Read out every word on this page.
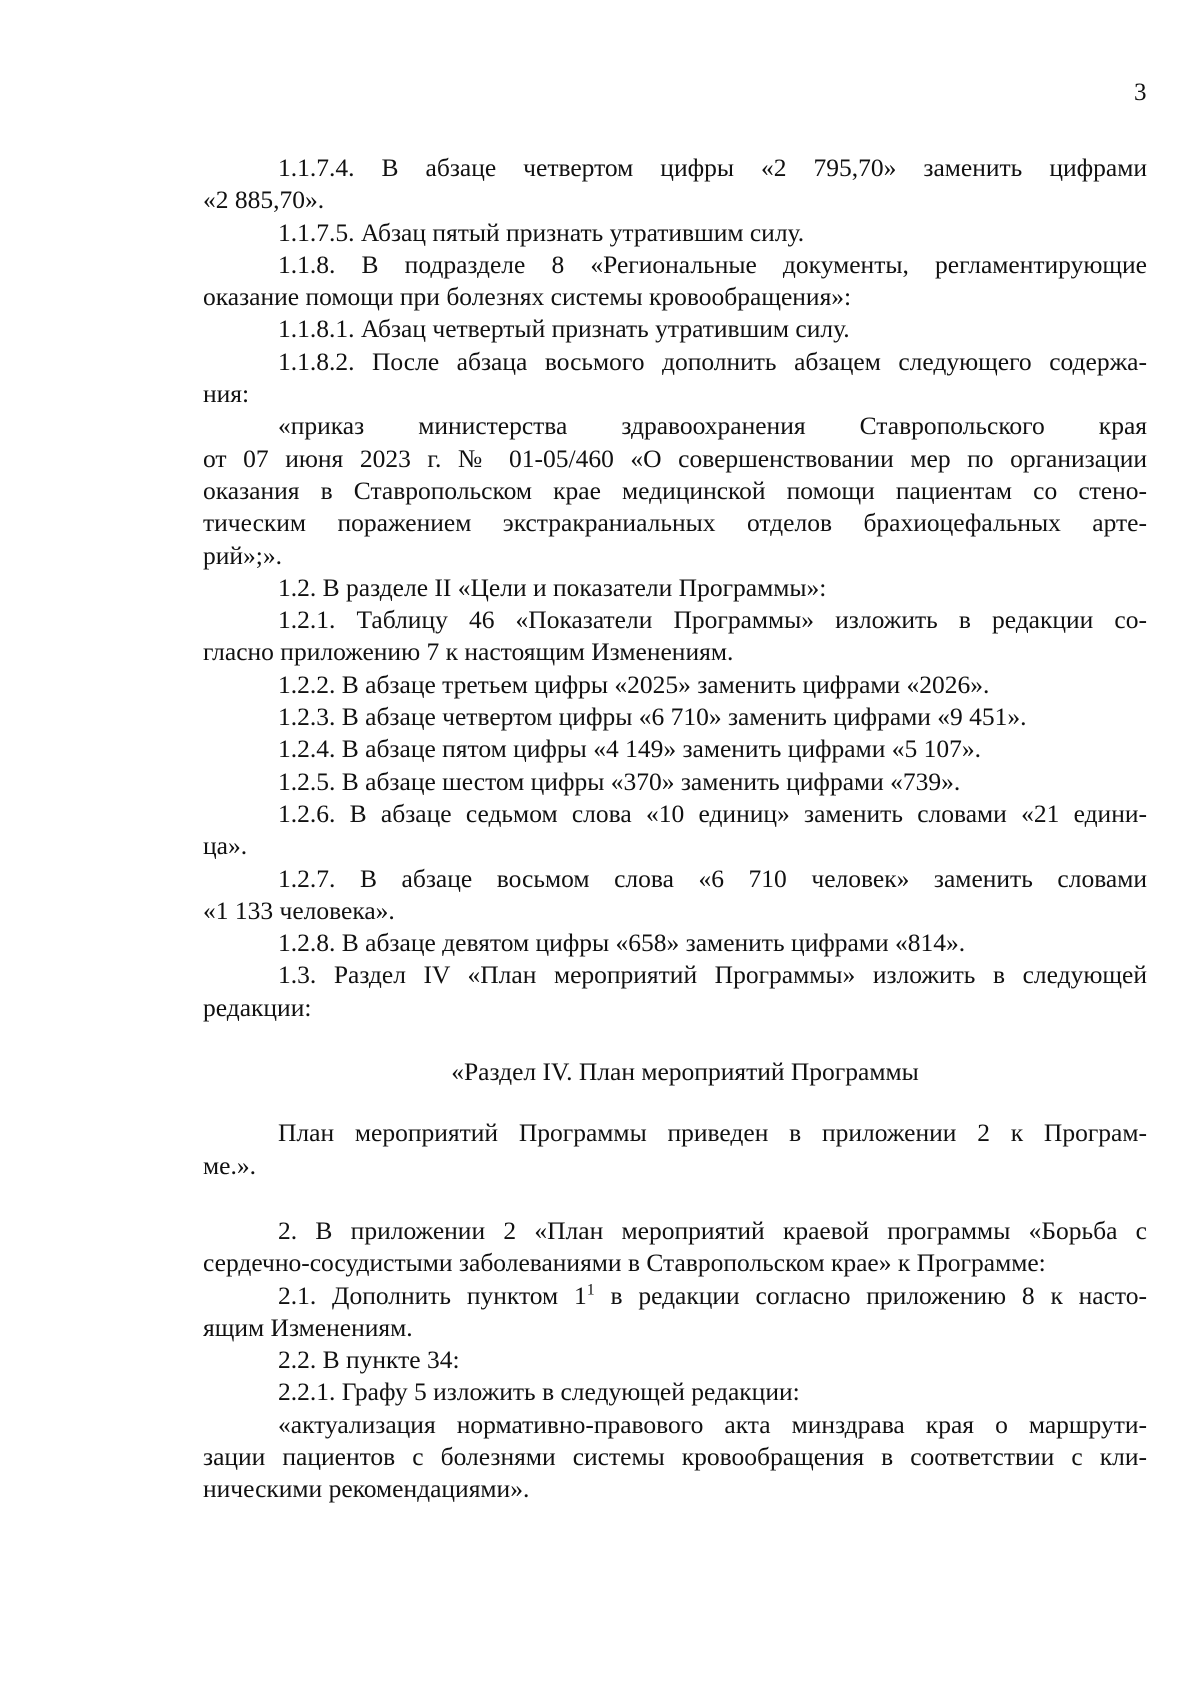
3

1.1.7.4. В абзаце четвертом цифры «2 795,70» заменить цифрами

«2 885,70».

1.1.7.5. Абзац пятый признать утратившим силу.

1.1.8. В подразделе 8 «Региональные документы, регламентирующие

оказание помощи при болезнях системы кровообращения»:

1.1.8.1. Абзац четвертый признать утратившим силу.

1.1.8.2. После абзаца восьмого дополнить абзацем следующего содержа-

ния:

«приказ министерства здравоохранения Ставропольского края

от 07 июня 2023 г. № 01-05/460 «О совершенствовании мер по организации

оказания в Ставропольском крае медицинской помощи пациентам со стено-

тическим поражением экстракраниальных отделов брахиоцефальных арте-

рий»;».

1.2. В разделе II «Цели и показатели Программы»:

1.2.1. Таблицу 46 «Показатели Программы» изложить в редакции со-

гласно приложению 7 к настоящим Изменениям.

1.2.2. В абзаце третьем цифры «2025» заменить цифрами «2026».

1.2.3. В абзаце четвертом цифры «6 710» заменить цифрами «9 451».

1.2.4. В абзаце пятом цифры «4 149» заменить цифрами «5 107».

1.2.5. В абзаце шестом цифры «370» заменить цифрами «739».

1.2.6. В абзаце седьмом слова «10 единиц» заменить словами «21 едини-

ца».

1.2.7. В абзаце восьмом слова «6 710 человек» заменить словами

«1 133 человека».

1.2.8. В абзаце девятом цифры «658» заменить цифрами «814».

1.3. Раздел IV «План мероприятий Программы» изложить в следующей

редакции:

«Раздел IV. План мероприятий Программы

План мероприятий Программы приведен в приложении 2 к Програм-

ме.».

2. В приложении 2 «План мероприятий краевой программы «Борьба с

сердечно-сосудистыми заболеваниями в Ставропольском крае» к Программе:

2.1. Дополнить пунктом $1^1$ в редакции согласно приложению 8 к насто-

ящим Изменениям.

2.2. В пункте 34:

2.2.1. Графу 5 изложить в следующей редакции:

«актуализация нормативно-правового акта минздрава края о маршрути-

зации пациентов с болезнями системы кровообращения в соответствии с кли-

ническими рекомендациями».
